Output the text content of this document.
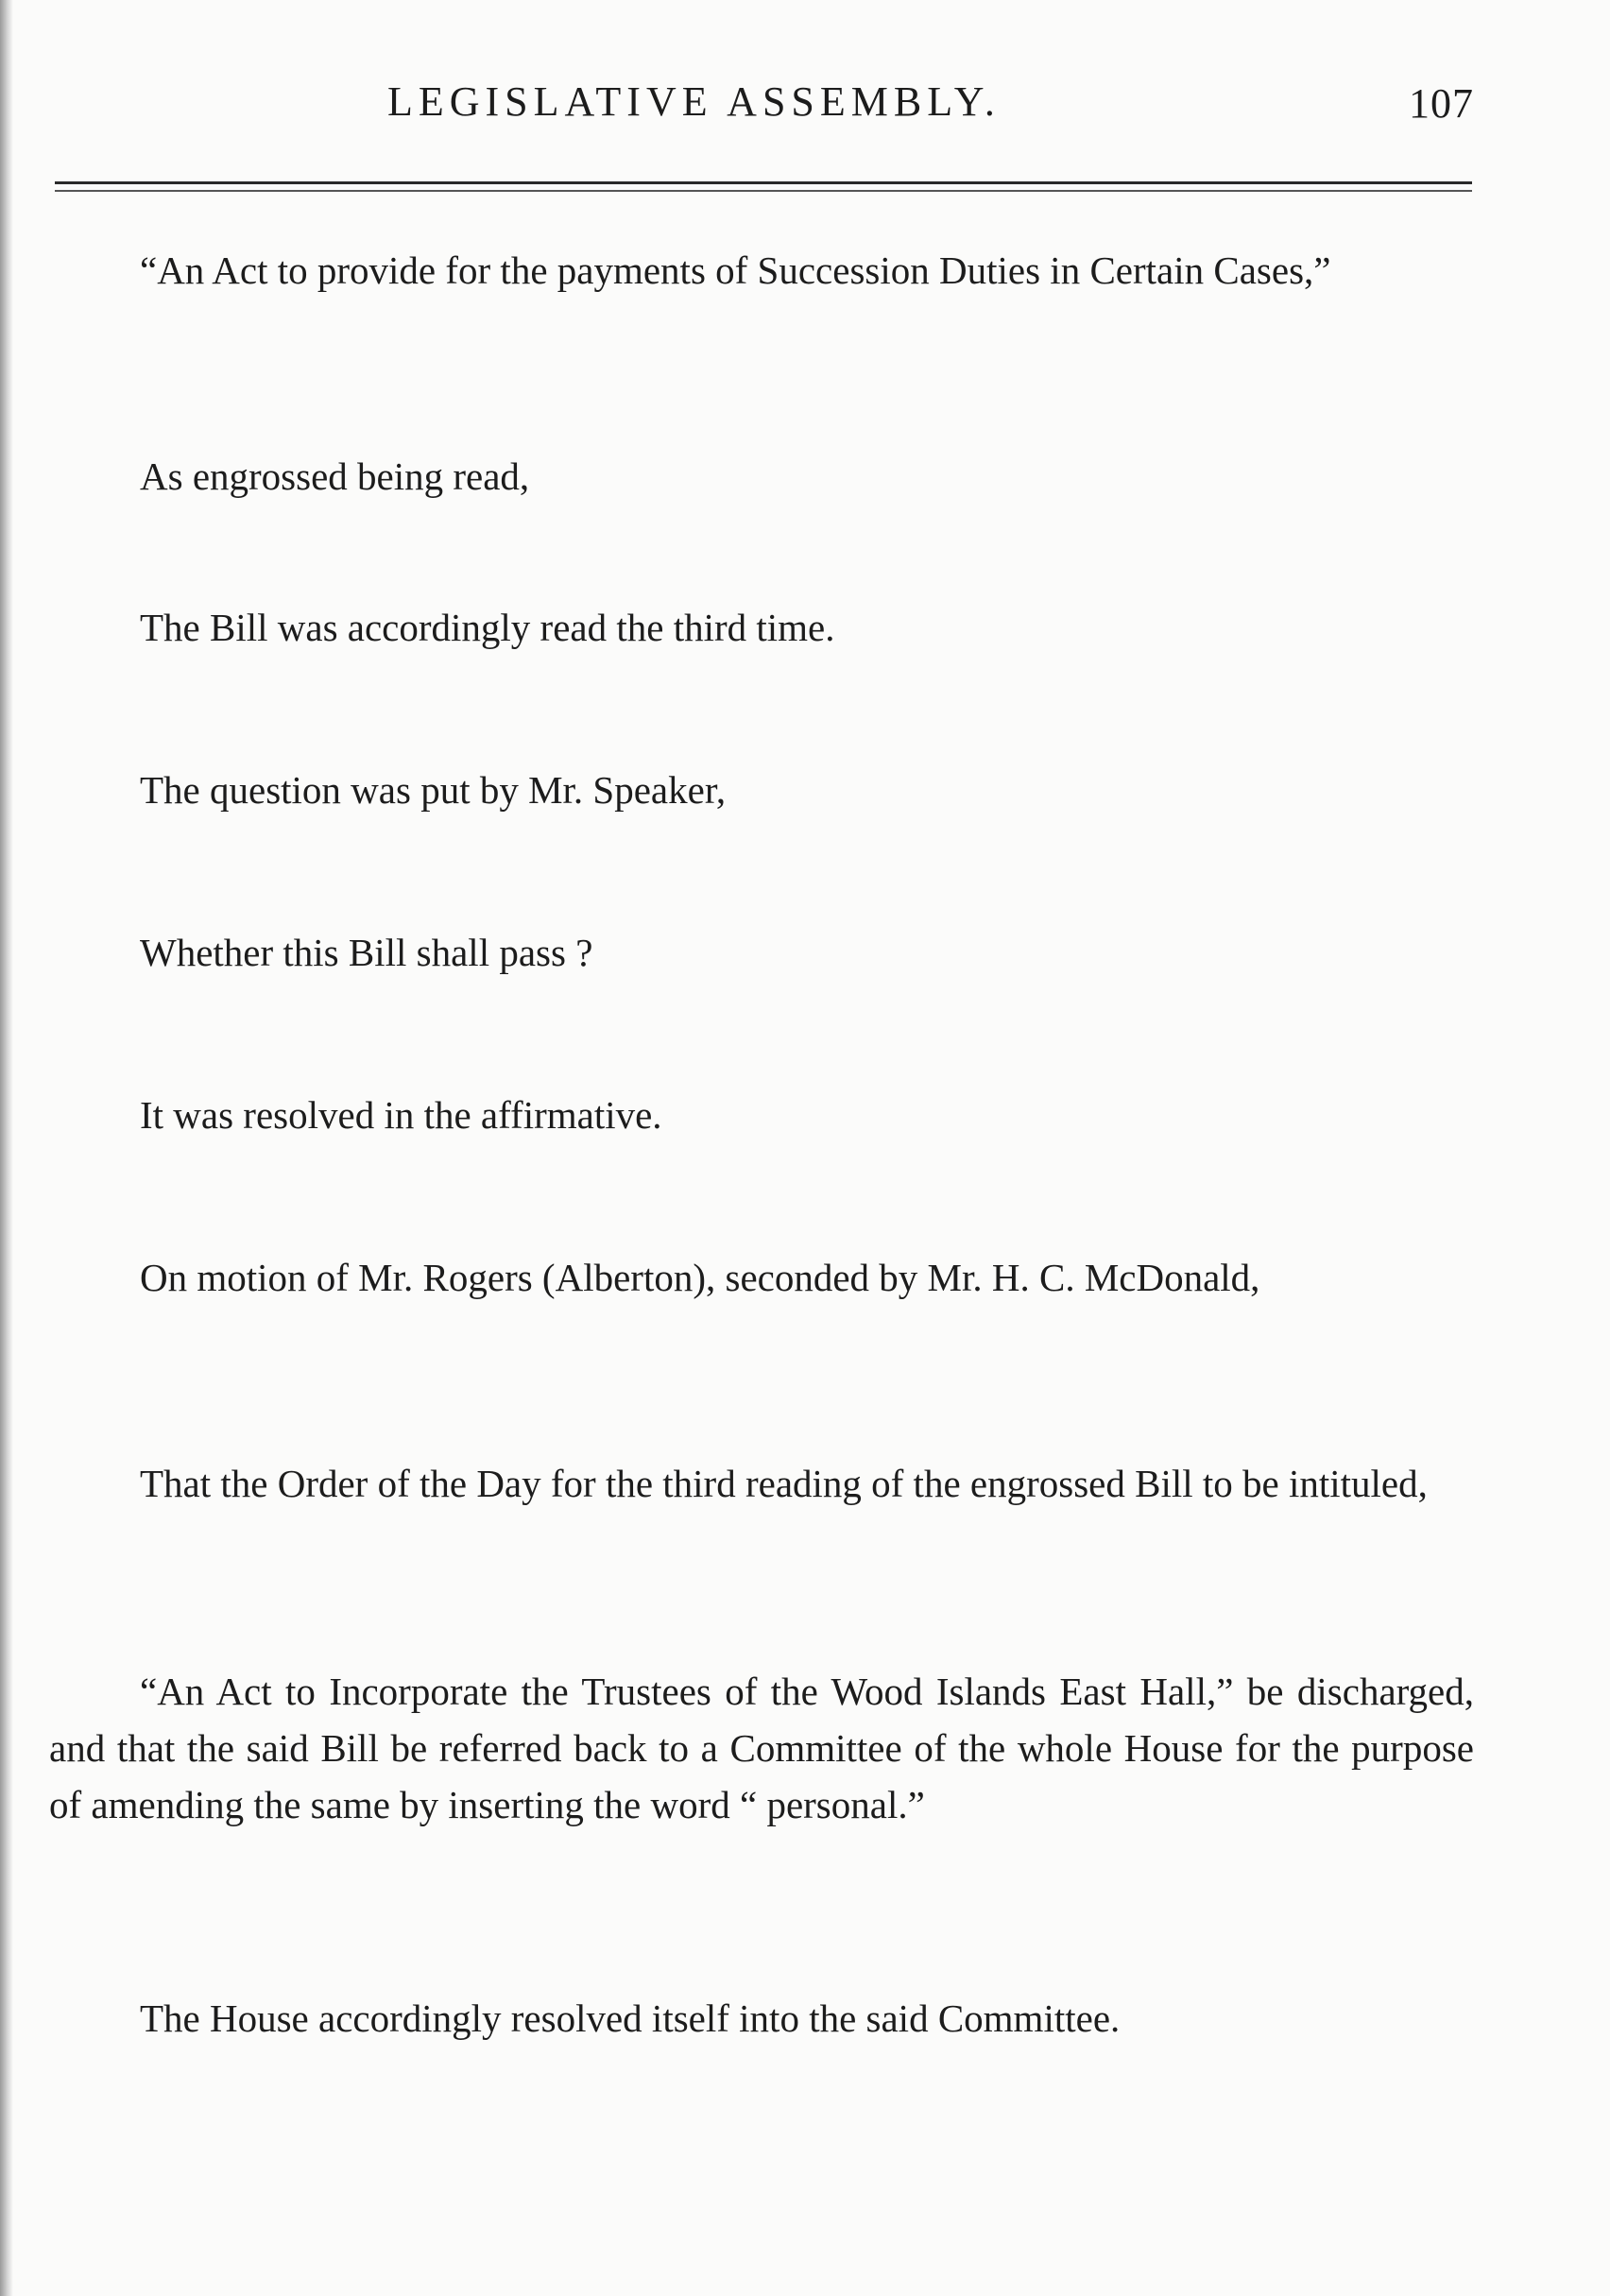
LEGISLATIVE ASSEMBLY.	107

“An Act to provide for the payments of Succession Duties in Certain Cases,”

As engrossed being read,

The Bill was accordingly read the third time.

The question was put by Mr. Speaker,

Whether this Bill shall pass ?

It was resolved in the affirmative.

On motion of Mr. Rogers (Alberton), seconded by Mr. H. C. McDonald,

That the Order of the Day for the third reading of the engrossed Bill to be intituled,

“An Act to Incorporate the Trustees of the Wood Islands East Hall,” be discharged, and that the said Bill be referred back to a Committee of the whole House for the purpose of amending the same by inserting the word “ personal.”

The House accordingly resolved itself into the said Committee.
